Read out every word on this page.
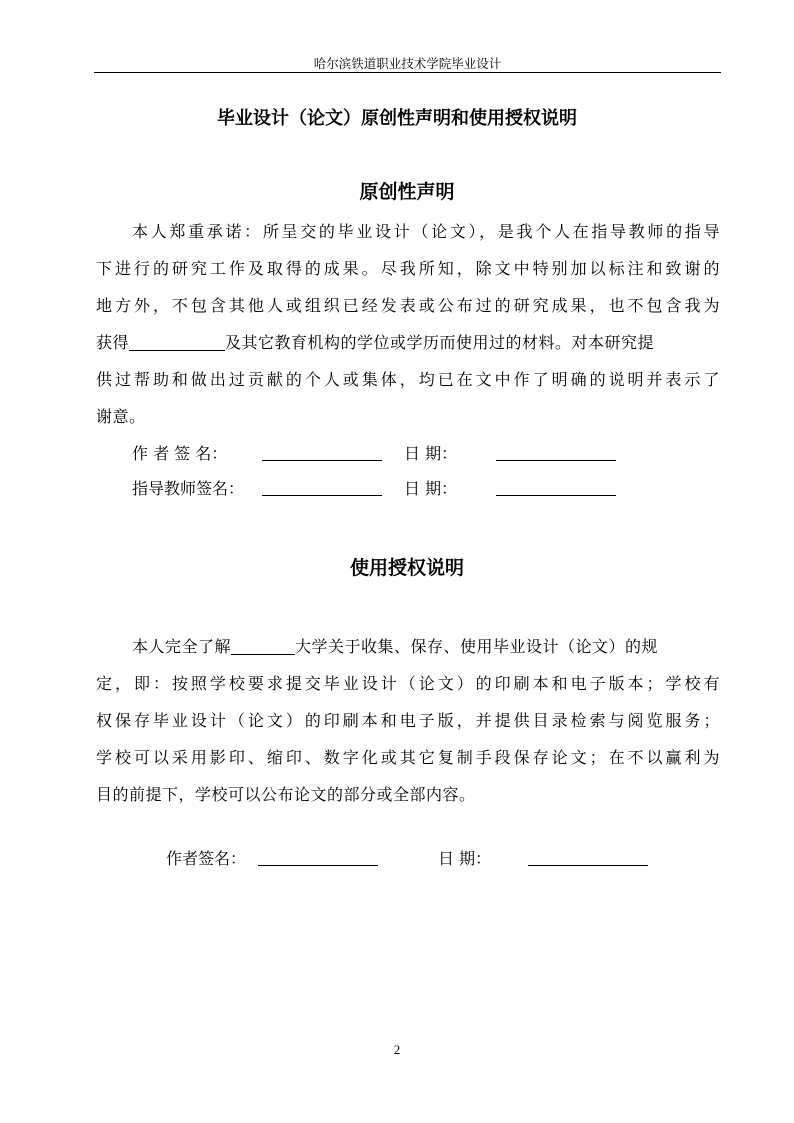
哈尔滨铁道职业技术学院毕业设计
毕业设计（论文）原创性声明和使用授权说明
原创性声明
本人郑重承诺：所呈交的毕业设计（论文），是我个人在指导教师的指导
下进行的研究工作及取得的成果。尽我所知，除文中特别加以标注和致谢的
地方外，不包含其他人或组织已经发表或公布过的研究成果，也不包含我为
获得	及其它教育机构的学位或学历而使用过的材料。对本研究提
供过帮助和做出过贡献的个人或集体，均已在文中作了明确的说明并表示了
谢意。
作 者 签 名：	日 期：
指导教师签名：	日 期：
使用授权说明
本人完全了解	大学关于收集、保存、使用毕业设计（论文）的规
定，即：按照学校要求提交毕业设计（论文）的印刷本和电子版本；学校有
权保存毕业设计（论文）的印刷本和电子版，并提供目录检索与阅览服务；
学校可以采用影印、缩印、数字化或其它复制手段保存论文；在不以赢利为
目的前提下，学校可以公布论文的部分或全部内容。
作者签名：	日 期：
2
